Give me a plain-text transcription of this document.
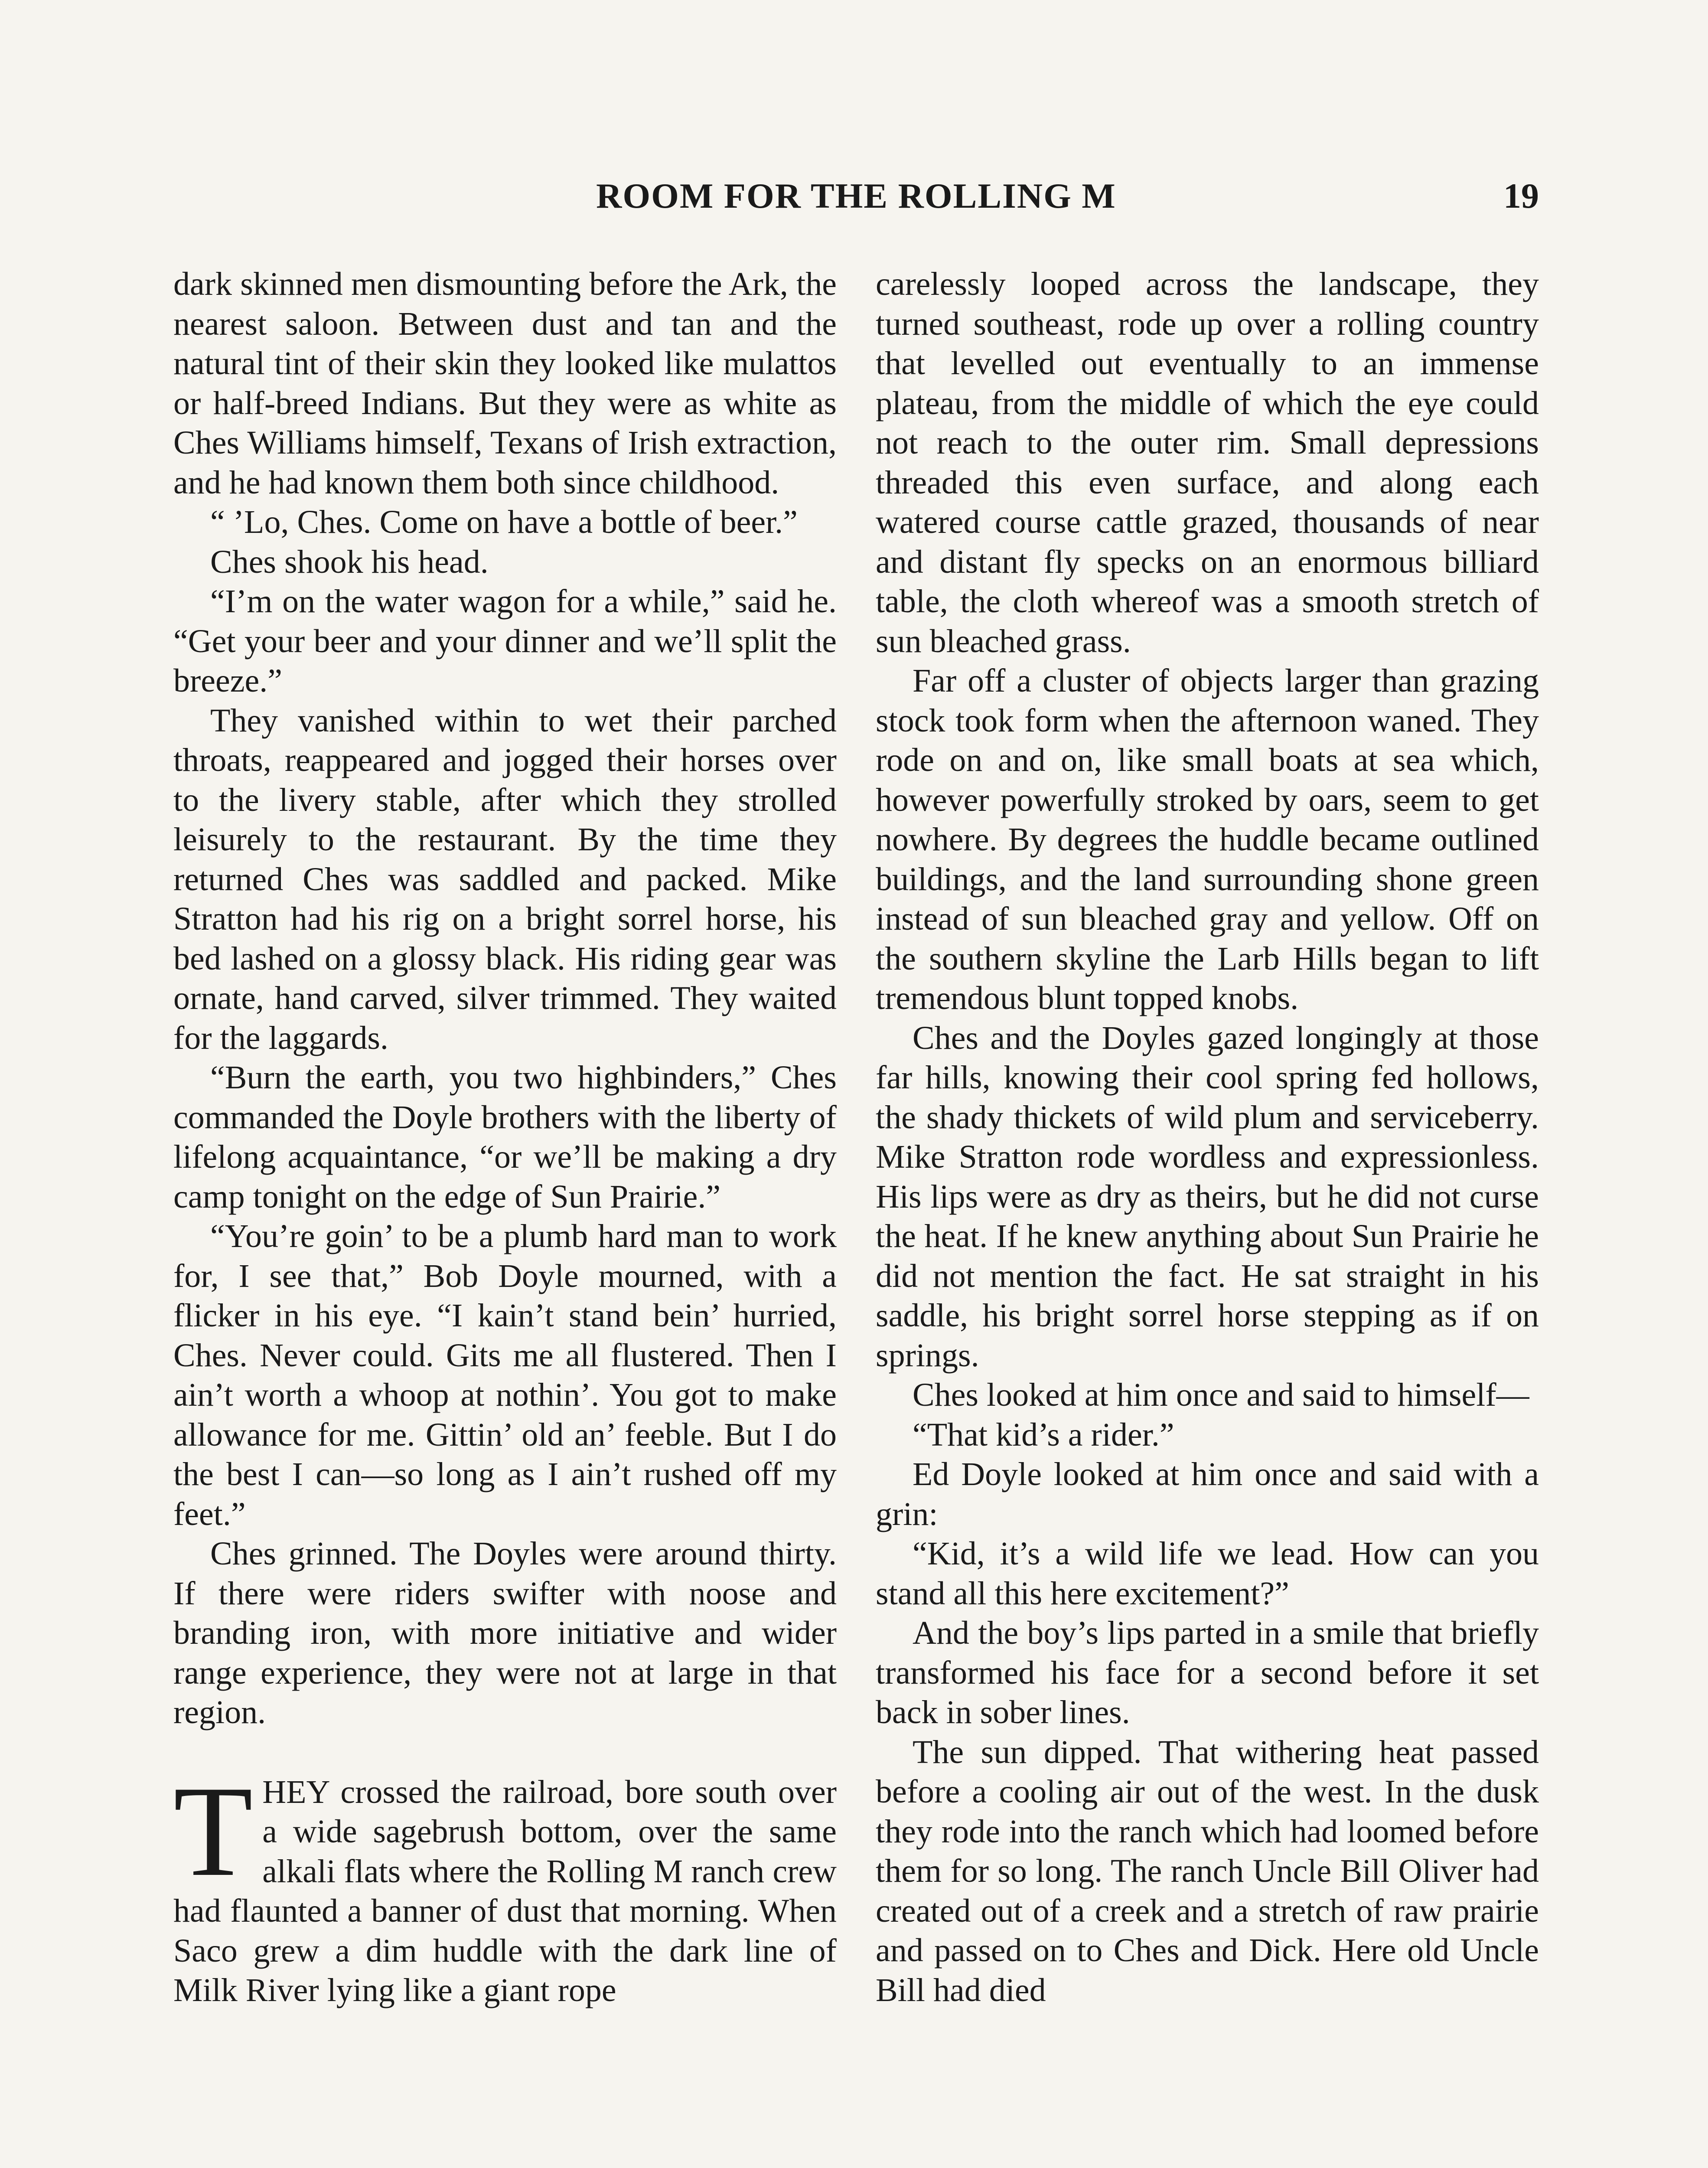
ROOM FOR THE ROLLING M	19

dark skinned men dismounting before the Ark, the nearest saloon. Between dust and tan and the natural tint of their skin they looked like mulattos or half-breed Indians. But they were as white as Ches Williams himself, Texans of Irish extraction, and he had known them both since childhood.

“ ’Lo, Ches. Come on have a bottle of beer.”

Ches shook his head.

“I’m on the water wagon for a while,” said he. “Get your beer and your dinner and we’ll split the breeze.”

They vanished within to wet their parched throats, reappeared and jogged their horses over to the livery stable, after which they strolled leisurely to the restaurant. By the time they returned Ches was saddled and packed. Mike Stratton had his rig on a bright sorrel horse, his bed lashed on a glossy black. His riding gear was ornate, hand carved, silver trimmed. They waited for the laggards.

“Burn the earth, you two highbinders,” Ches commanded the Doyle brothers with the liberty of lifelong acquaintance, “or we’ll be making a dry camp tonight on the edge of Sun Prairie.”

“You’re goin’ to be a plumb hard man to work for, I see that,” Bob Doyle mourned, with a flicker in his eye. “I kain’t stand bein’ hurried, Ches. Never could. Gits me all flustered. Then I ain’t worth a whoop at nothin’. You got to make allowance for me. Gittin’ old an’ feeble. But I do the best I can—so long as I ain’t rushed off my feet.”

Ches grinned. The Doyles were around thirty. If there were riders swifter with noose and branding iron, with more initiative and wider range experience, they were not at large in that region.

THEY crossed the railroad, bore south over a wide sagebrush bottom, over the same alkali flats where the Rolling M ranch crew had flaunted a banner of dust that morning. When Saco grew a dim huddle with the dark line of Milk River lying like a giant rope

carelessly looped across the landscape, they turned southeast, rode up over a rolling country that levelled out eventually to an immense plateau, from the middle of which the eye could not reach to the outer rim. Small depressions threaded this even surface, and along each watered course cattle grazed, thousands of near and distant fly specks on an enormous billiard table, the cloth whereof was a smooth stretch of sun bleached grass.

Far off a cluster of objects larger than grazing stock took form when the afternoon waned. They rode on and on, like small boats at sea which, however powerfully stroked by oars, seem to get nowhere. By degrees the huddle became outlined buildings, and the land surrounding shone green instead of sun bleached gray and yellow. Off on the southern skyline the Larb Hills began to lift tremendous blunt topped knobs.

Ches and the Doyles gazed longingly at those far hills, knowing their cool spring fed hollows, the shady thickets of wild plum and serviceberry. Mike Stratton rode wordless and expressionless. His lips were as dry as theirs, but he did not curse the heat. If he knew anything about Sun Prairie he did not mention the fact. He sat straight in his saddle, his bright sorrel horse stepping as if on springs.

Ches looked at him once and said to himself—

“That kid’s a rider.”

Ed Doyle looked at him once and said with a grin:

“Kid, it’s a wild life we lead. How can you stand all this here excitement?”

And the boy’s lips parted in a smile that briefly transformed his face for a second before it set back in sober lines.

The sun dipped. That withering heat passed before a cooling air out of the west. In the dusk they rode into the ranch which had loomed before them for so long. The ranch Uncle Bill Oliver had created out of a creek and a stretch of raw prairie and passed on to Ches and Dick. Here old Uncle Bill had died
